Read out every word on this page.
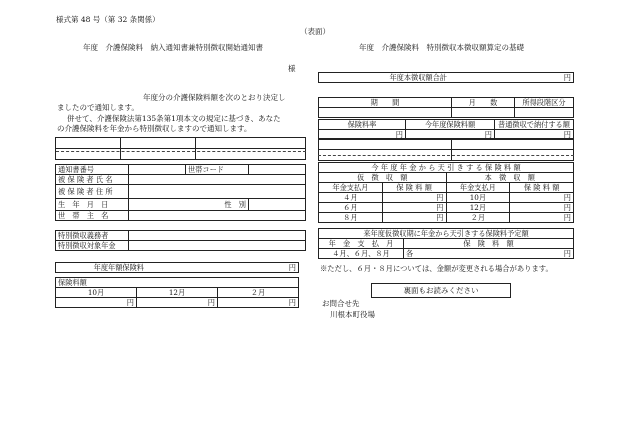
様式第 48 号（第 32 条関係）
（表面）
年度　介護保険料　納入通知書兼特別徴収開始通知書	年度　介護保険料　特別徴収本徴収額算定の基礎
様
年度分の介護保険料額を次のとおり決定し
ましたので通知します。
併せて、介護保険法第135条第1項本文の規定に基づき、あなた
の介護保険料を年金から特別徴収しますので通知します。

通知書番号		世帯コード	
被 保 険 者 氏 名			
被 保 険 者 住 所			
生　年　月　日	性　別		
世　帯　主　名			
特別徴収義務者	
特別徴収対象年金	
年度年額保険料	円
保険料額		
10月	12月	２月
円	円	円
年度本徴収額合計	円
期　　間	月　　数	所得段階区分

保険料率	今年度保険料額	普通徴収で納付する額
円	円	円

今 年 度 年 金 か ら 天 引 き す る 保 険 料 額			
仮　徴　収　額		本　徴　収　額	
年金支払月	保 険 料 額	年金支払月	保 険 料 額
４月	円	10月	円
６月	円	12月	円
８月	円	２月	円
来年度仮徴収期に年金から天引きする保険料予定額		
年　金　支　払　月	保　険　料　額	
４月、６月、８月	各	円
※ただし、６月・８月については、金額が変更される場合があります。
裏面もお読みください
お問合せ先
川根本町役場
